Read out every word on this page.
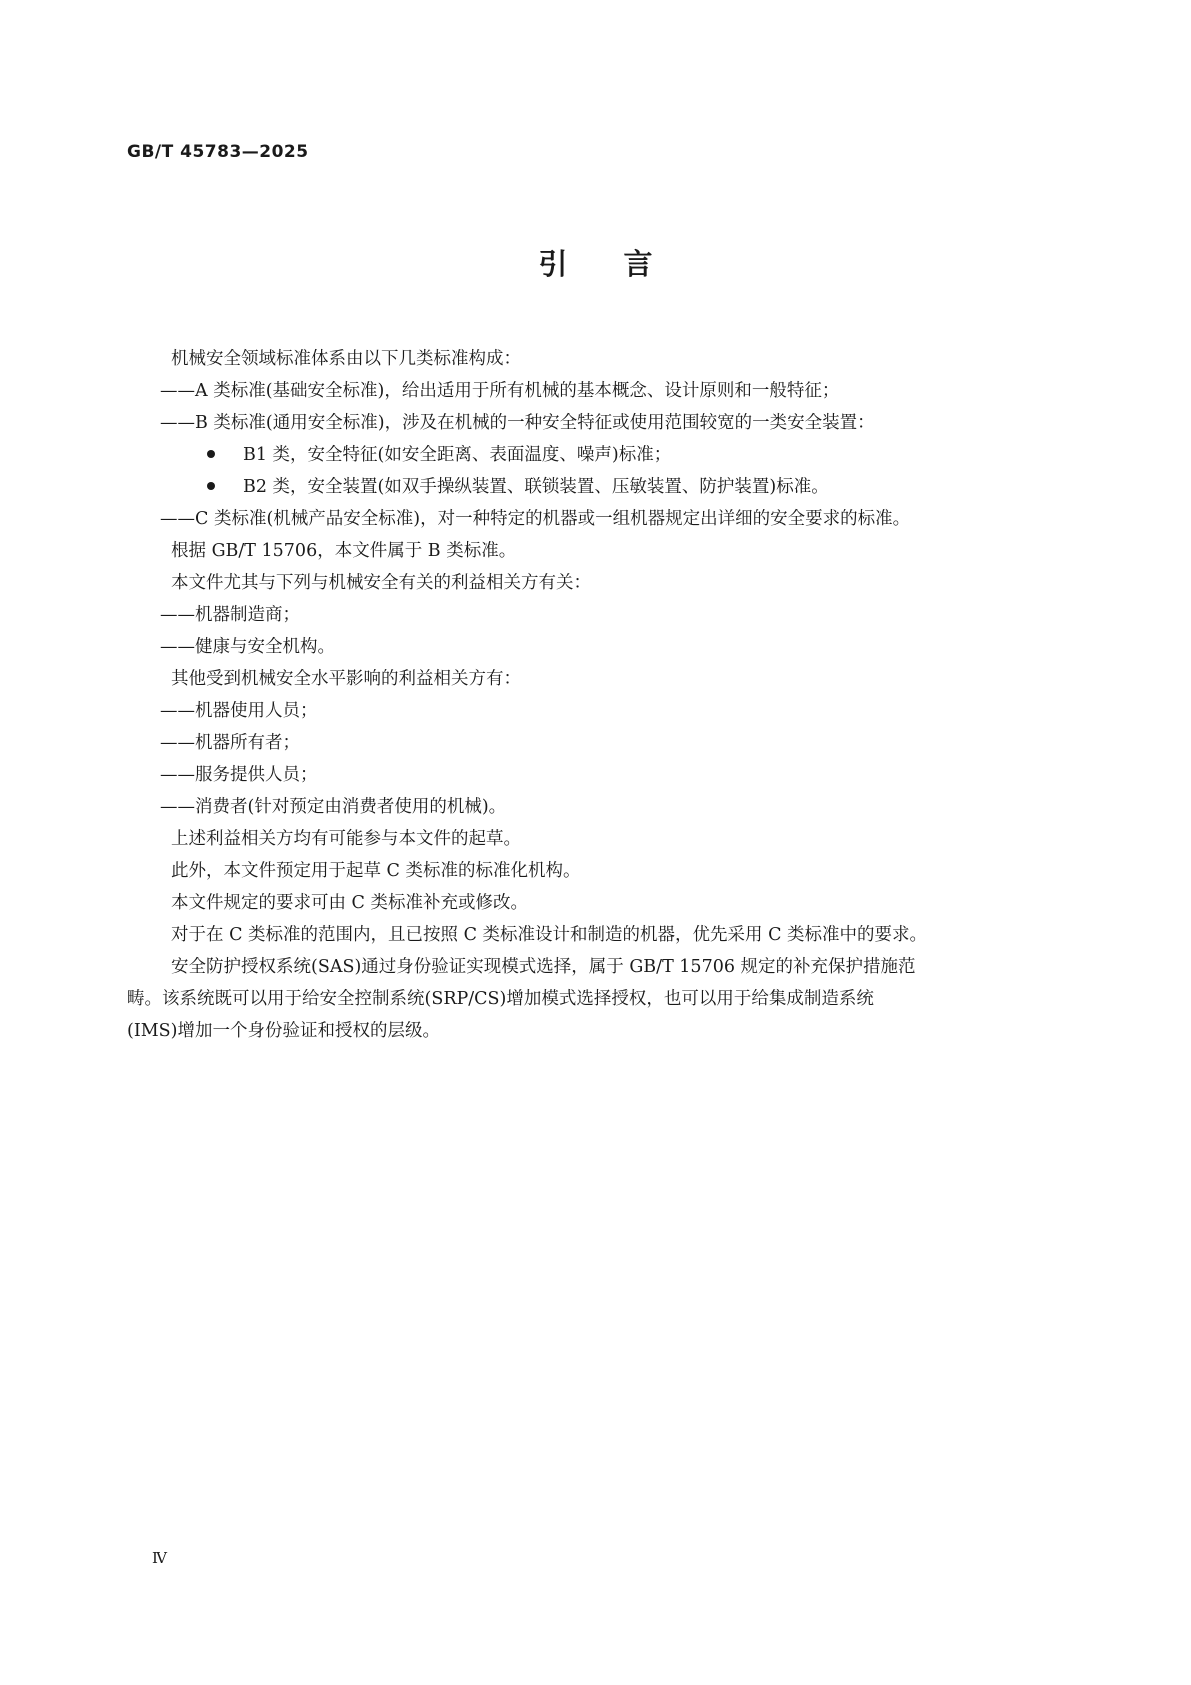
GB/T 45783—2025
引言
机械安全领域标准体系由以下几类标准构成：
——A 类标准(基础安全标准)，给出适用于所有机械的基本概念、设计原则和一般特征；
——B 类标准(通用安全标准)，涉及在机械的一种安全特征或使用范围较宽的一类安全装置：
B1 类，安全特征(如安全距离、表面温度、噪声)标准；
B2 类，安全装置(如双手操纵装置、联锁装置、压敏装置、防护装置)标准。
——C 类标准(机械产品安全标准)，对一种特定的机器或一组机器规定出详细的安全要求的标准。
根据 GB/T 15706，本文件属于 B 类标准。
本文件尤其与下列与机械安全有关的利益相关方有关：
——机器制造商；
——健康与安全机构。
其他受到机械安全水平影响的利益相关方有：
——机器使用人员；
——机器所有者；
——服务提供人员；
——消费者(针对预定由消费者使用的机械)。
上述利益相关方均有可能参与本文件的起草。
此外，本文件预定用于起草 C 类标准的标准化机构。
本文件规定的要求可由 C 类标准补充或修改。
对于在 C 类标准的范围内，且已按照 C 类标准设计和制造的机器，优先采用 C 类标准中的要求。
安全防护授权系统(SAS)通过身份验证实现模式选择，属于 GB/T 15706 规定的补充保护措施范
畴。该系统既可以用于给安全控制系统(SRP/CS)增加模式选择授权，也可以用于给集成制造系统
(IMS)增加一个身份验证和授权的层级。
Ⅳ
